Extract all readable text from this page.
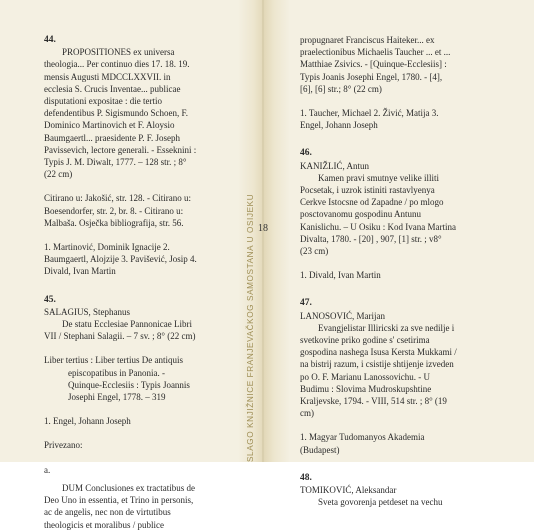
18
SLAGO KNJIŽNICE FRANJEVAČKOG SAMOSTANA U OSIJEKU

44.

PROPOSITIONES ex universa

theologia... Per continuo dies 17. 18. 19.

mensis Augusti MDCCLXXVII. in

ecclesia S. Crucis Inventae... publicae

disputationi expositae : die tertio

defendentibus P. Sigismundo Schoen, F.

Dominico Martinovich et F. Aloysio

Baumgaertl... praesidente P. F. Joseph

Pavissevich, lectore generali. - Esseknini :

Typis J. M. Diwalt, 1777. – 128 str. ; 8°

(22 cm)

Citirano u: Jakošić, str. 128. - Citirano u:

Boesendorfer, str. 2, br. 8. - Citirano u:

Malbaša. Osječka bibliografija, str. 56.

1. Martinović, Dominik Ignacije 2.

Baumgaertl, Alojzije 3. Pavišević, Josip 4.

Divald, Ivan Martin

45.

SALAGIUS, Stephanus

De statu Ecclesiae Pannonicae Libri

VII / Stephani Salagii. – 7 sv. ; 8° (22 cm)

Liber tertius : Liber tertius De antiquis

episcopatibus in Panonia. -

Quinque-Ecclesiis : Typis Joannis

Josephi Engel, 1778. – 319

1. Engel, Johann Joseph

Privezano:

a.

DUM Conclusiones ex tractatibus de

Deo Uno in essentia, et Trino in personis,

ac de angelis, nec non de virtutibus

theologicis et moralibus / publice

propugnaret Franciscus Haiteker... ex

praelectionibus Michaelis Taucher ... et ...

Matthiae Zsivics. - [Quinque-Ecclesiis] :

Typis Joanis Josephi Engel, 1780. - [4],

[6], [6] str.; 8° (22 cm)

1. Taucher, Michael 2. Živić, Matija 3.

Engel, Johann Joseph

46.

KANIŽLIĆ, Antun

Kamen pravi smutnye velike illiti

Pocsetak, i uzrok istiniti rastavlyenya

Cerkve Istocsne od Zapadne / po mlogo

posctovanomu gospodinu Antunu

Kanislichu. – U Osiku : Kod Ivana Martina

Divalta, 1780. - [20] , 907, [1] str. ; v8°

(23 cm)

1. Divald, Ivan Martin

47.

LANOSOVIĆ, Marijan

Evangjelistar Illiricski za sve nedilje i

svetkovine priko godine s' csetirima

gospodina nashega Isusa Kersta Mukkami /

na bistrij razum, i csistije shtijenje izveden

po O. F. Marianu Lanossovichu. - U

Budimu : Slovima Mudroskupshtine

Kraljevske, 1794. - VIII, 514 str. ; 8° (19

cm)

1. Magyar Tudomanyos Akademia

(Budapest)

48.

TOMIKOVIĆ, Aleksandar

Sveta govorenja petdeset na vechu
